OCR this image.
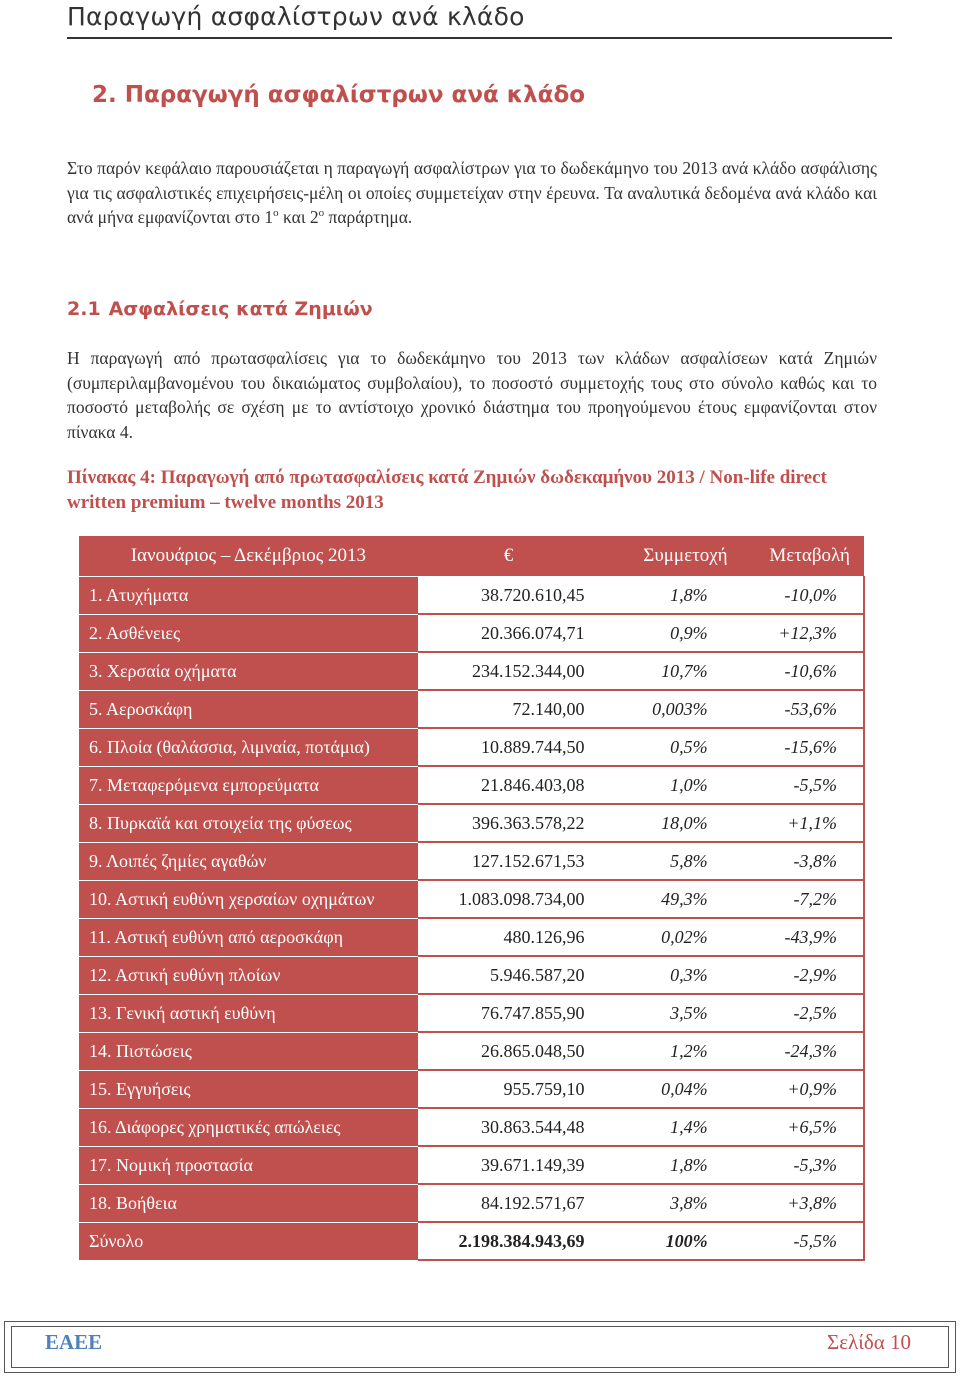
Παραγωγή ασφαλίστρων ανά κλάδο
2. Παραγωγή ασφαλίστρων ανά κλάδο
Στο παρόν κεφάλαιο παρουσιάζεται η παραγωγή ασφαλίστρων για το δωδεκάμηνο του 2013 ανά κλάδο ασφάλισης για τις ασφαλιστικές επιχειρήσεις-μέλη οι οποίες συμμετείχαν στην έρευνα. Τα αναλυτικά δεδομένα ανά κλάδο και ανά μήνα εμφανίζονται στο $1^o$ και $2^o$ παράρτημα.
2.1 Ασφαλίσεις κατά Ζημιών
Η παραγωγή από πρωτασφαλίσεις για το δωδεκάμηνο του 2013 των κλάδων ασφαλίσεων κατά Ζημιών (συμπεριλαμβανομένου του δικαιώματος συμβολαίου), το ποσοστό συμμετοχής τους στο σύνολο καθώς και το ποσοστό μεταβολής σε σχέση με το αντίστοιχο χρονικό διάστημα του προηγούμενου έτους εμφανίζονται στον πίνακα 4.
Πίνακας 4: Παραγωγή από πρωτασφαλίσεις κατά Ζημιών δωδεκαμήνου 2013 / Non-life direct written premium – twelve months 2013
Ιανουάριος – Δεκέμβριος 2013	€	Συμμετοχή	Μεταβολή
1. Ατυχήματα	38.720.610,45	1,8%	-10,0%
2. Ασθένειες	20.366.074,71	0,9%	+12,3%
3. Χερσαία οχήματα	234.152.344,00	10,7%	-10,6%
5. Αεροσκάφη	72.140,00	0,003%	-53,6%
6. Πλοία (θαλάσσια, λιμναία, ποτάμια)	10.889.744,50	0,5%	-15,6%
7. Μεταφερόμενα εμπορεύματα	21.846.403,08	1,0%	-5,5%
8. Πυρκαϊά και στοιχεία της φύσεως	396.363.578,22	18,0%	+1,1%
9. Λοιπές ζημίες αγαθών	127.152.671,53	5,8%	-3,8%
10. Αστική ευθύνη χερσαίων οχημάτων	1.083.098.734,00	49,3%	-7,2%
11. Αστική ευθύνη από αεροσκάφη	480.126,96	0,02%	-43,9%
12. Αστική ευθύνη πλοίων	5.946.587,20	0,3%	-2,9%
13. Γενική αστική ευθύνη	76.747.855,90	3,5%	-2,5%
14. Πιστώσεις	26.865.048,50	1,2%	-24,3%
15. Εγγυήσεις	955.759,10	0,04%	+0,9%
16. Διάφορες χρηματικές απώλειες	30.863.544,48	1,4%	+6,5%
17. Νομική προστασία	39.671.149,39	1,8%	-5,3%
18. Βοήθεια	84.192.571,67	3,8%	+3,8%
Σύνολο	2.198.384.943,69	100%	-5,5%
ΕΑΕΕ	Σελίδα 10
